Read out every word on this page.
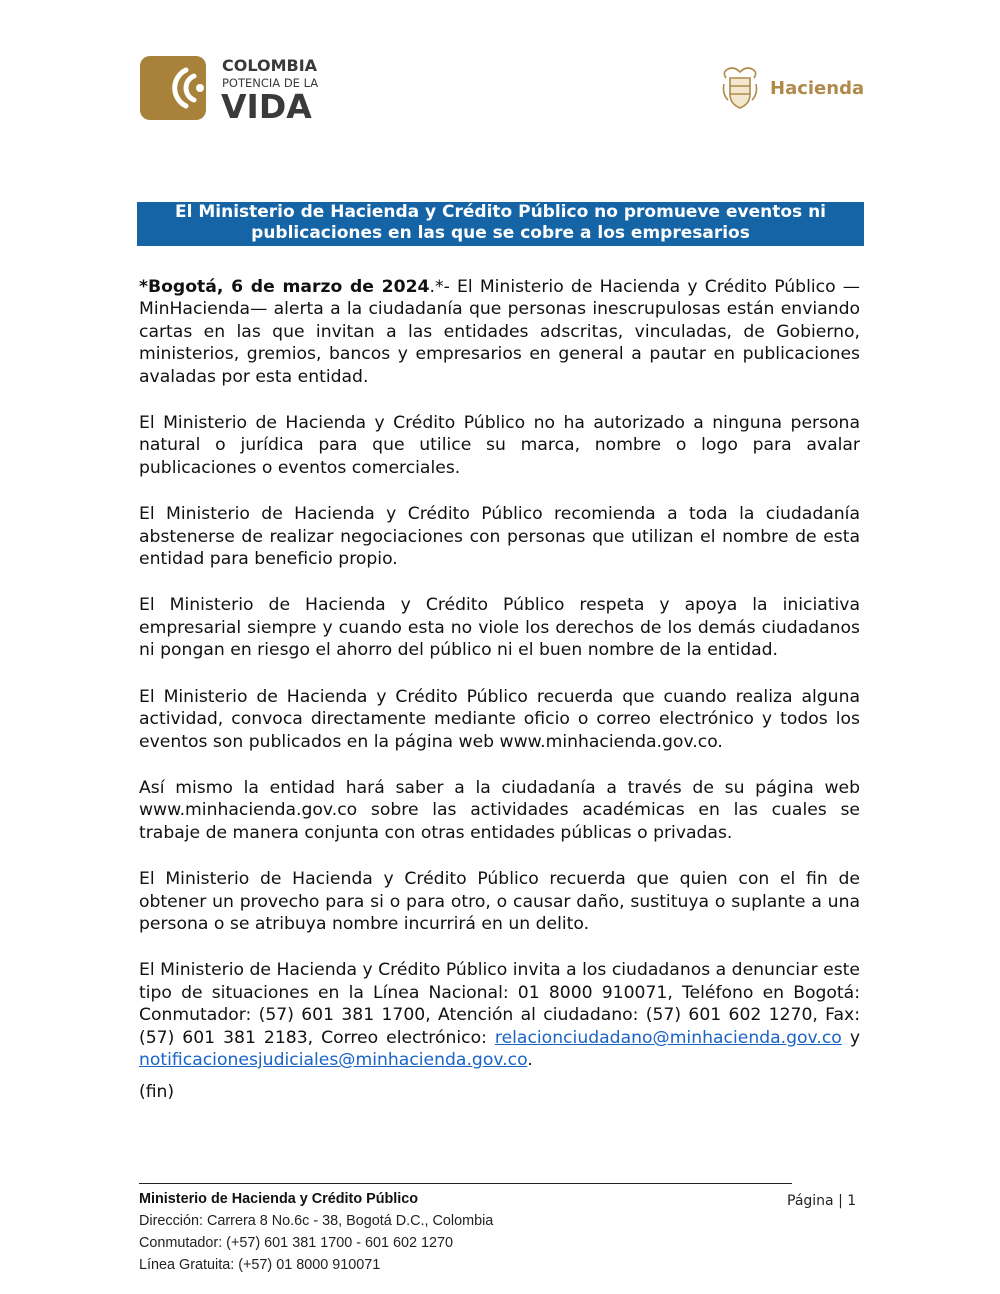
COLOMBIA
POTENCIA DE LA
VIDA	Hacienda
El Ministerio de Hacienda y Crédito Público no promueve eventos ni
publicaciones en las que se cobre a los empresarios

*Bogotá, 6 de marzo de 2024.*- El Ministerio de Hacienda y Crédito Público —MinHacienda— alerta a la ciudadanía que personas inescrupulosas están enviando cartas en las que invitan a las entidades adscritas, vinculadas, de Gobierno, ministerios, gremios, bancos y empresarios en general a pautar en publicaciones avaladas por esta entidad.

El Ministerio de Hacienda y Crédito Público no ha autorizado a ninguna persona natural o jurídica para que utilice su marca, nombre o logo para avalar publicaciones o eventos comerciales.

El Ministerio de Hacienda y Crédito Público recomienda a toda la ciudadanía abstenerse de realizar negociaciones con personas que utilizan el nombre de esta entidad para beneficio propio.

El Ministerio de Hacienda y Crédito Público respeta y apoya la iniciativa empresarial siempre y cuando esta no viole los derechos de los demás ciudadanos ni pongan en riesgo el ahorro del público ni el buen nombre de la entidad.

El Ministerio de Hacienda y Crédito Público recuerda que cuando realiza alguna actividad, convoca directamente mediante oficio o correo electrónico y todos los eventos son publicados en la página web www.minhacienda.gov.co.

Así mismo la entidad hará saber a la ciudadanía a través de su página web www.minhacienda.gov.co sobre las actividades académicas en las cuales se trabaje de manera conjunta con otras entidades públicas o privadas.

El Ministerio de Hacienda y Crédito Público recuerda que quien con el fin de obtener un provecho para si o para otro, o causar daño, sustituya o suplante a una persona o se atribuya nombre incurrirá en un delito.

El Ministerio de Hacienda y Crédito Público invita a los ciudadanos a denunciar este tipo de situaciones en la Línea Nacional: 01 8000 910071, Teléfono en Bogotá: Conmutador: (57) 601 381 1700, Atención al ciudadano: (57) 601 602 1270, Fax: (57) 601 381 2183, Correo electrónico: relacionciudadano@minhacienda.gov.co y notificacionesjudiciales@minhacienda.gov.co.

(fin)

Ministerio de Hacienda y Crédito Público
Dirección: Carrera 8 No.6c - 38, Bogotá D.C., Colombia
Conmutador: (+57) 601 381 1700 - 601 602 1270
Línea Gratuita: (+57) 01 8000 910071
Página | 1
